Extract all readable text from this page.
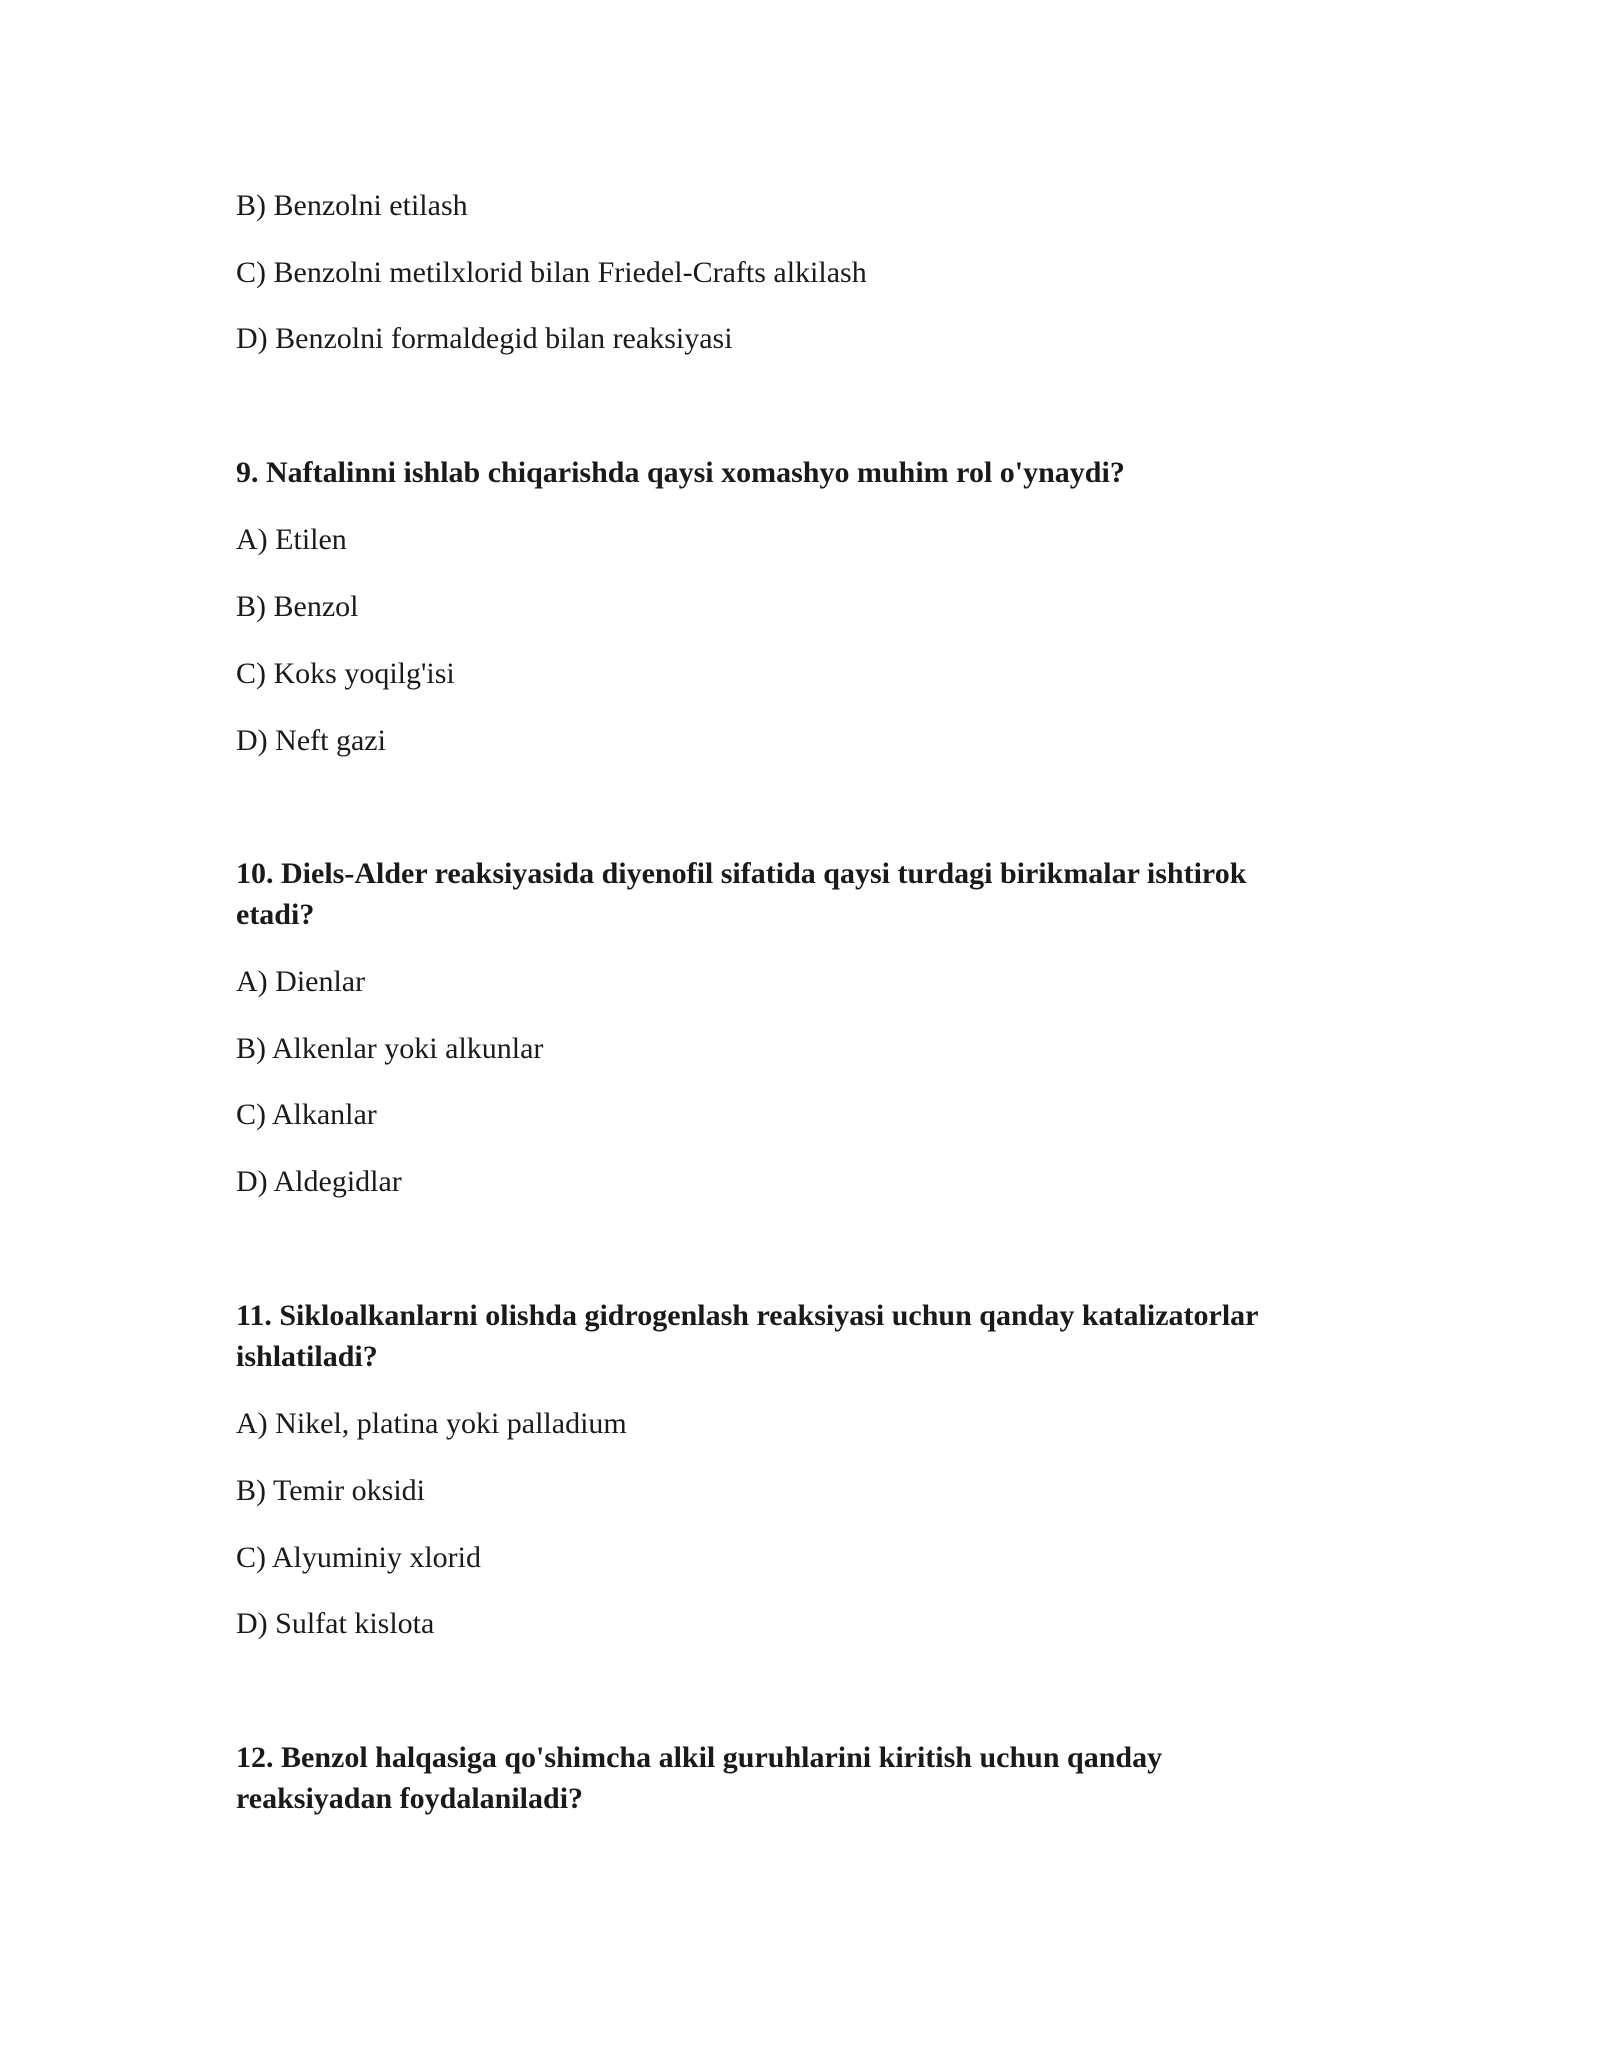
B) Benzolni etilash
C) Benzolni metilxlorid bilan Friedel-Crafts alkilash
D) Benzolni formaldegid bilan reaksiyasi
9. Naftalinni ishlab chiqarishda qaysi xomashyo muhim rol o'ynaydi?
A) Etilen
B) Benzol
C) Koks yoqilg'isi
D) Neft gazi
10. Diels-Alder reaksiyasida diyenofil sifatida qaysi turdagi birikmalar ishtirok
etadi?
A) Dienlar
B) Alkenlar yoki alkunlar
C) Alkanlar
D) Aldegidlar
11. Sikloalkanlarni olishda gidrogenlash reaksiyasi uchun qanday katalizatorlar
ishlatiladi?
A) Nikel, platina yoki palladium
B) Temir oksidi
C) Alyuminiy xlorid
D) Sulfat kislota
12. Benzol halqasiga qo'shimcha alkil guruhlarini kiritish uchun qanday
reaksiyadan foydalaniladi?
